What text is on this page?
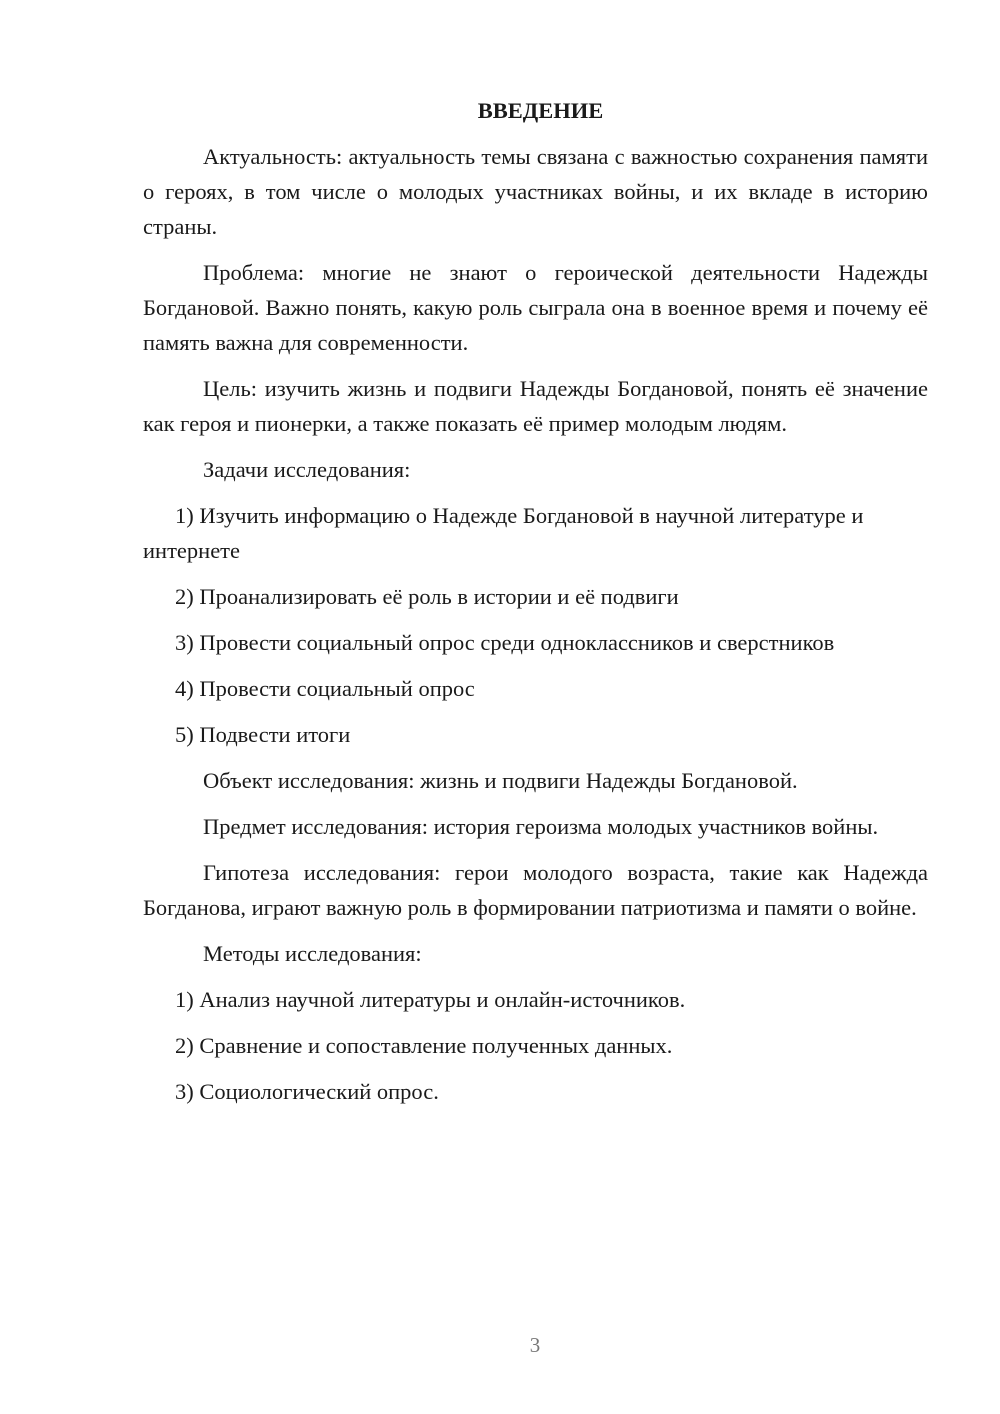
ВВЕДЕНИЕ

Актуальность: актуальность темы связана с важностью сохранения памяти о героях, в том числе о молодых участниках войны, и их вкладе в историю страны.

Проблема: многие не знают о героической деятельности Надежды Богдановой. Важно понять, какую роль сыграла она в военное время и почему её память важна для современности.

Цель: изучить жизнь и подвиги Надежды Богдановой, понять её значение как героя и пионерки, а также показать её пример молодым людям.

Задачи исследования:

1) Изучить информацию о Надежде Богдановой в научной литературе и интернете

2) Проанализировать её роль в истории и её подвиги

3) Провести социальный опрос среди одноклассников и сверстников

4) Провести социальный опрос

5) Подвести итоги

Объект исследования: жизнь и подвиги Надежды Богдановой.

Предмет исследования: история героизма молодых участников войны.

Гипотеза исследования: герои молодого возраста, такие как Надежда Богданова, играют важную роль в формировании патриотизма и памяти о войне.

Методы исследования:

1) Анализ научной литературы и онлайн-источников.

2) Сравнение и сопоставление полученных данных.

3) Социологический опрос.

3
